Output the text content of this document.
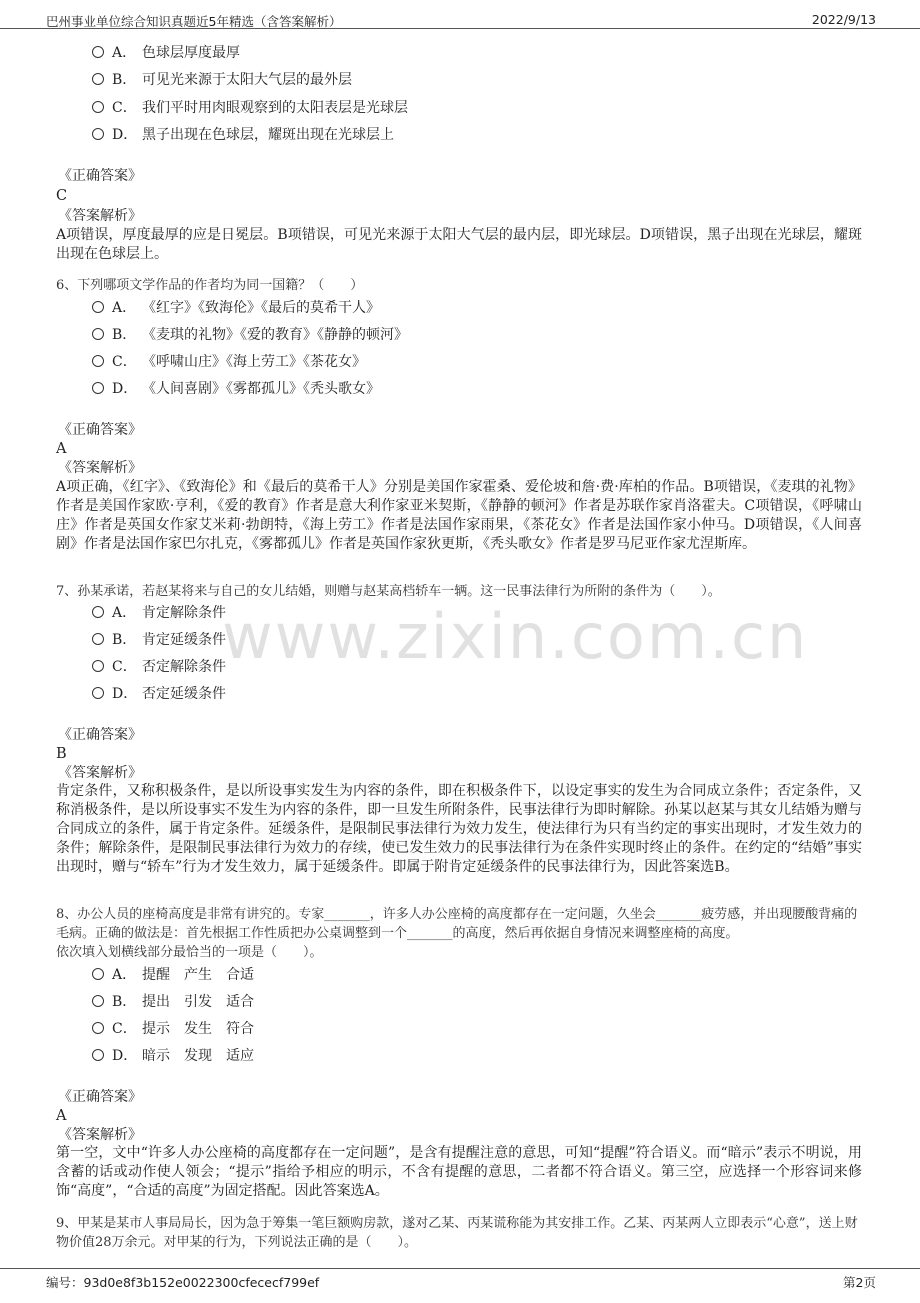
巴州事业单位综合知识真题近5年精选（含答案解析）	2022/9/13
www.zixin.com.cn
A． 色球层厚度最厚
B． 可见光来源于太阳大气层的最外层
C． 我们平时用肉眼观察到的太阳表层是光球层
D． 黑子出现在色球层，耀斑出现在光球层上
《正确答案》
C
《答案解析》
A项错误，厚度最厚的应是日冕层。B项错误，可见光来源于太阳大气层的最内层，即光球层。D项错误，黑子出现在光球层，耀斑出现在色球层上。
6、下列哪项文学作品的作者均为同一国籍？（　　）
A． 《红字》《致海伦》《最后的莫希干人》
B． 《麦琪的礼物》《爱的教育》《静静的顿河》
C． 《呼啸山庄》《海上劳工》《茶花女》
D． 《人间喜剧》《雾都孤儿》《秃头歌女》
《正确答案》
A
《答案解析》
A项正确，《红字》、《致海伦》和《最后的莫希干人》分别是美国作家霍桑、爱伦坡和詹·费·库柏的作品。B项错误，《麦琪的礼物》作者是美国作家欧·亨利，《爱的教育》作者是意大利作家亚米契斯，《静静的顿河》作者是苏联作家肖洛霍夫。C项错误，《呼啸山庄》作者是英国女作家艾米莉·勃朗特，《海上劳工》作者是法国作家雨果，《茶花女》作者是法国作家小仲马。D项错误，《人间喜剧》作者是法国作家巴尔扎克，《雾都孤儿》作者是英国作家狄更斯，《秃头歌女》作者是罗马尼亚作家尤涅斯库。
7、孙某承诺，若赵某将来与自己的女儿结婚，则赠与赵某高档轿车一辆。这一民事法律行为所附的条件为（　　）。
A． 肯定解除条件
B． 肯定延缓条件
C． 否定解除条件
D． 否定延缓条件
《正确答案》
B
《答案解析》
肯定条件，又称积极条件，是以所设事实发生为内容的条件，即在积极条件下，以设定事实的发生为合同成立条件；否定条件，又称消极条件，是以所设事实不发生为内容的条件，即一旦发生所附条件，民事法律行为即时解除。孙某以赵某与其女儿结婚为赠与合同成立的条件，属于肯定条件。延缓条件，是限制民事法律行为效力发生，使法律行为只有当约定的事实出现时，才发生效力的条件；解除条件，是限制民事法律行为效力的存续，使已发生效力的民事法律行为在条件实现时终止的条件。在约定的“结婚”事实出现时，赠与“轿车”行为才发生效力，属于延缓条件。即属于附肯定延缓条件的民事法律行为，因此答案选B。
8、办公人员的座椅高度是非常有讲究的。专家_______，许多人办公座椅的高度都存在一定问题，久坐会_______疲劳感，并出现腰酸背痛的毛病。正确的做法是：首先根据工作性质把办公桌调整到一个_______的高度，然后再依据自身情况来调整座椅的高度。
依次填入划横线部分最恰当的一项是（　　）。
A． 提醒　产生　合适
B． 提出　引发　适合
C． 提示　发生　符合
D． 暗示　发现　适应
《正确答案》
A
《答案解析》
第一空，文中“许多人办公座椅的高度都存在一定问题”，是含有提醒注意的意思，可知“提醒”符合语义。而“暗示”表示不明说，用含蓄的话或动作使人领会；“提示”指给予相应的明示，不含有提醒的意思，二者都不符合语义。第三空，应选择一个形容词来修饰“高度”，“合适的高度”为固定搭配。因此答案选A。
9、甲某是某市人事局局长，因为急于筹集一笔巨额购房款，遂对乙某、丙某谎称能为其安排工作。乙某、丙某两人立即表示“心意”，送上财物价值28万余元。对甲某的行为，下列说法正确的是（　　）。
编号：93d0e8f3b152e0022300cfececf799ef	第2页
